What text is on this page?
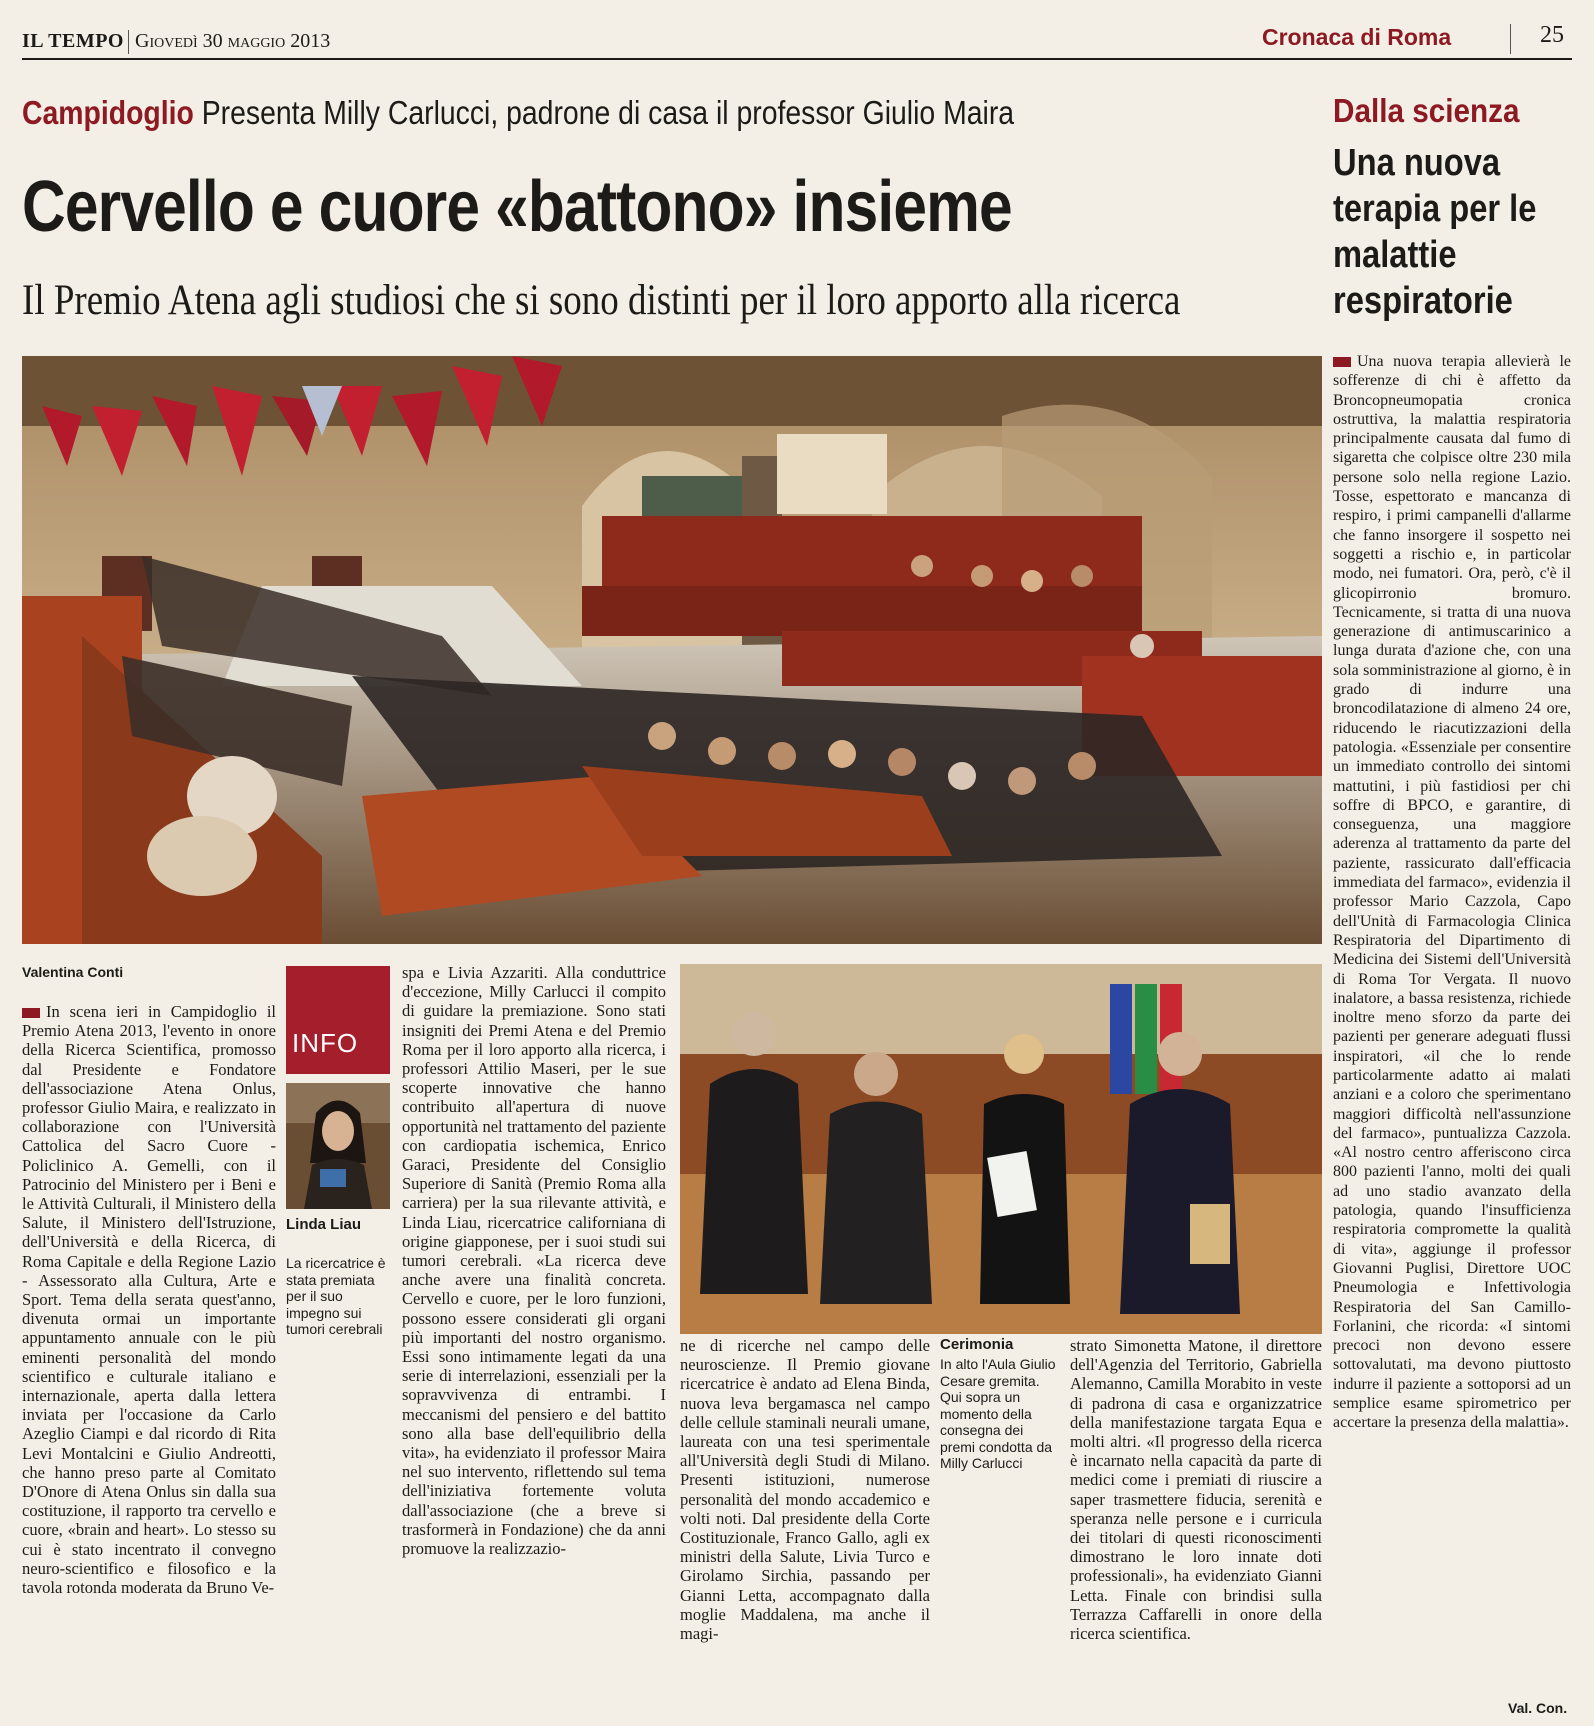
IL TEMPO Giovedì 30 maggio 2013	Cronaca di Roma	25
Campidoglio Presenta Milly Carlucci, padrone di casa il professor Giulio Maira
Cervello e cuore «battono» insieme
Il Premio Atena agli studiosi che si sono distinti per il loro apporto alla ricerca
Dalla scienza
Una nuova terapia per le malattie respiratorie
Valentina Conti
In scena ieri in Campidoglio il Premio Atena 2013, l'evento in onore della Ricerca Scientifica, promosso dal Presidente e Fondatore dell'associazione Atena Onlus, professor Giulio Maira, e realizzato in collaborazione con l'Università Cattolica del Sacro Cuore - Policlinico A. Gemelli, con il Patrocinio del Ministero per i Beni e le Attività Culturali, il Ministero della Salute, il Ministero dell'Istruzione, dell'Università e della Ricerca, di Roma Capitale e della Regione Lazio - Assessorato alla Cultura, Arte e Sport. Tema della serata quest'anno, divenuta ormai un importante appuntamento annuale con le più eminenti personalità del mondo scientifico e culturale italiano e internazionale, aperta dalla lettera inviata per l'occasione da Carlo Azeglio Ciampi e dal ricordo di Rita Levi Montalcini e Giulio Andreotti, che hanno preso parte al Comitato D'Onore di Atena Onlus sin dalla sua costituzione, il rapporto tra cervello e cuore, «brain and heart». Lo stesso su cui è stato incentrato il convegno neuro-scientifico e filosofico e la tavola rotonda moderata da Bruno Ve-
INFO
Linda Liau
La ricercatrice è stata premiata per il suo impegno sui tumori cerebrali
spa e Livia Azzariti. Alla conduttrice d'eccezione, Milly Carlucci il compito di guidare la premiazione. Sono stati insigniti dei Premi Atena e del Premio Roma per il loro apporto alla ricerca, i professori Attilio Maseri, per le sue scoperte innovative che hanno contribuito all'apertura di nuove opportunità nel trattamento del paziente con cardiopatia ischemica, Enrico Garaci, Presidente del Consiglio Superiore di Sanità (Premio Roma alla carriera) per la sua rilevante attività, e Linda Liau, ricercatrice californiana di origine giapponese, per i suoi studi sui tumori cerebrali. «La ricerca deve anche avere una finalità concreta. Cervello e cuore, per le loro funzioni, possono essere considerati gli organi più importanti del nostro organismo. Essi sono intimamente legati da una serie di interrelazioni, essenziali per la sopravvivenza di entrambi. I meccanismi del pensiero e del battito sono alla base dell'equilibrio della vita», ha evidenziato il professor Maira nel suo intervento, riflettendo sul tema dell'iniziativa fortemente voluta dall'associazione (che a breve si trasformerà in Fondazione) che da anni promuove la realizzazio-
ne di ricerche nel campo delle neuroscienze. Il Premio giovane ricercatrice è andato ad Elena Binda, nuova leva bergamasca nel campo delle cellule staminali neurali umane, laureata con una tesi sperimentale all'Università degli Studi di Milano. Presenti istituzioni, numerose personalità del mondo accademico e volti noti. Dal presidente della Corte Costituzionale, Franco Gallo, agli ex ministri della Salute, Livia Turco e Girolamo Sirchia, passando per Gianni Letta, accompagnato dalla moglie Maddalena, ma anche il magi-
Cerimonia
In alto l'Aula Giulio Cesare gremita. Qui sopra un momento della consegna dei premi condotta da Milly Carlucci
strato Simonetta Matone, il direttore dell'Agenzia del Territorio, Gabriella Alemanno, Camilla Morabito in veste di padrona di casa e organizzatrice della manifestazione targata Equa e molti altri. «Il progresso della ricerca è incarnato nella capacità da parte di medici come i premiati di riuscire a saper trasmettere fiducia, serenità e speranza nelle persone e i curricula dei titolari di questi riconoscimenti dimostrano le loro innate doti professionali», ha evidenziato Gianni Letta. Finale con brindisi sulla Terrazza Caffarelli in onore della ricerca scientifica.
Una nuova terapia allevierà le sofferenze di chi è affetto da Broncopneumopatia cronica ostruttiva, la malattia respiratoria principalmente causata dal fumo di sigaretta che colpisce oltre 230 mila persone solo nella regione Lazio. Tosse, espettorato e mancanza di respiro, i primi campanelli d'allarme che fanno insorgere il sospetto nei soggetti a rischio e, in particolar modo, nei fumatori. Ora, però, c'è il glicopirronio bromuro. Tecnicamente, si tratta di una nuova generazione di antimuscarinico a lunga durata d'azione che, con una sola somministrazione al giorno, è in grado di indurre una broncodilatazione di almeno 24 ore, riducendo le riacutizzazioni della patologia. «Essenziale per consentire un immediato controllo dei sintomi mattutini, i più fastidiosi per chi soffre di BPCO, e garantire, di conseguenza, una maggiore aderenza al trattamento da parte del paziente, rassicurato dall'efficacia immediata del farmaco», evidenzia il professor Mario Cazzola, Capo dell'Unità di Farmacologia Clinica Respiratoria del Dipartimento di Medicina dei Sistemi dell'Università di Roma Tor Vergata. Il nuovo inalatore, a bassa resistenza, richiede inoltre meno sforzo da parte dei pazienti per generare adeguati flussi inspiratori, «il che lo rende particolarmente adatto ai malati anziani e a coloro che sperimentano maggiori difficoltà nell'assunzione del farmaco», puntualizza Cazzola. «Al nostro centro afferiscono circa 800 pazienti l'anno, molti dei quali ad uno stadio avanzato della patologia, quando l'insufficienza respiratoria compromette la qualità di vita», aggiunge il professor Giovanni Puglisi, Direttore UOC Pneumologia e Infettivologia Respiratoria del San Camillo-Forlanini, che ricorda: «I sintomi precoci non devono essere sottovalutati, ma devono piuttosto indurre il paziente a sottoporsi ad un semplice esame spirometrico per accertare la presenza della malattia».
Val. Con.
